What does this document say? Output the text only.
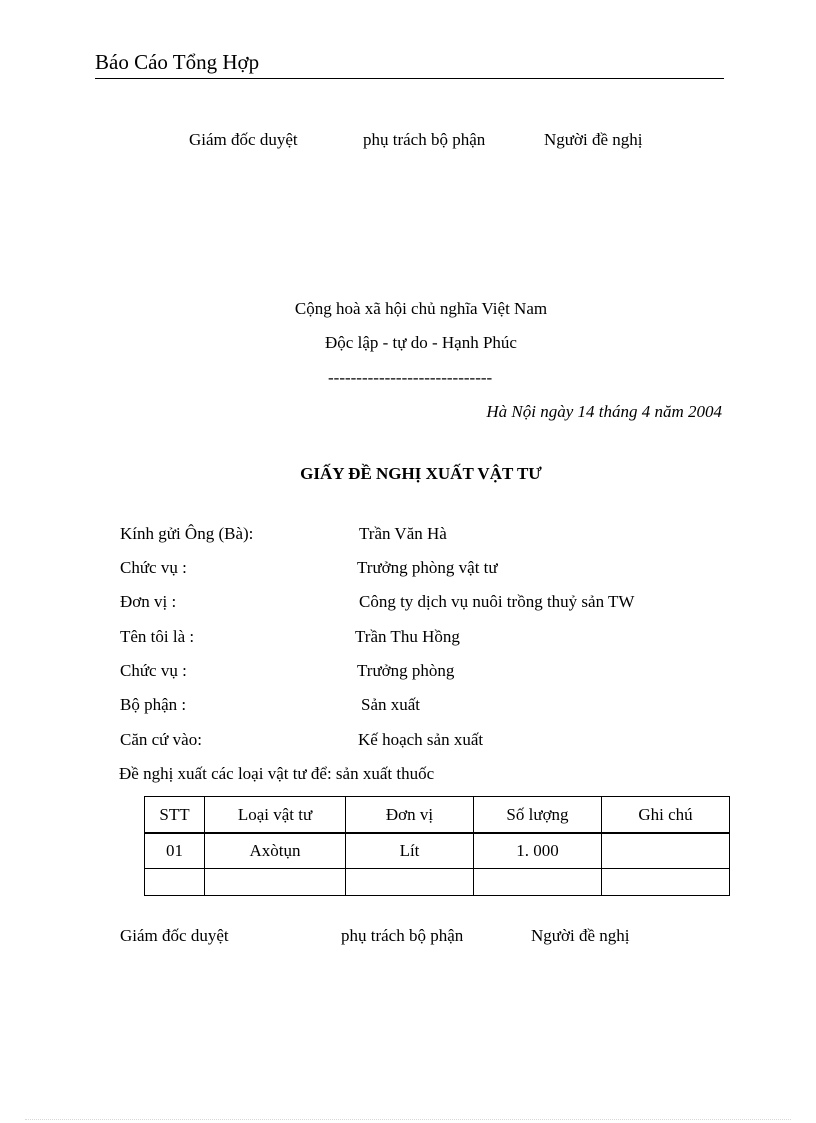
Báo Cáo Tổng Hợp
Giám đốc duyệt	phụ trách bộ phận	Người đề nghị
Cộng hoà xã hội chủ nghĩa Việt Nam
Độc lập - tự do - Hạnh Phúc
-----------------------------
Hà Nội ngày 14 tháng 4 năm 2004
GIẤY ĐỀ NGHỊ XUẤT VẬT TƯ
Kính gửi Ông (Bà):	Trần Văn Hà
Chức vụ :	Trưởng phòng vật tư
Đơn vị :	Công ty dịch vụ nuôi trồng thuỷ sản TW
Tên tôi là :	Trần Thu Hồng
Chức vụ :	Trưởng phòng
Bộ phận :	Sản xuất
Căn cứ vào:	Kế hoạch sản xuất
Đề nghị xuất các loại vật tư để: sản xuất thuốc
STT	Loại vật tư	Đơn vị	Số lượng	Ghi chú
01	Axòtụn	Lít	1. 000	

Giám đốc duyệt	phụ trách bộ phận	Người đề nghị
